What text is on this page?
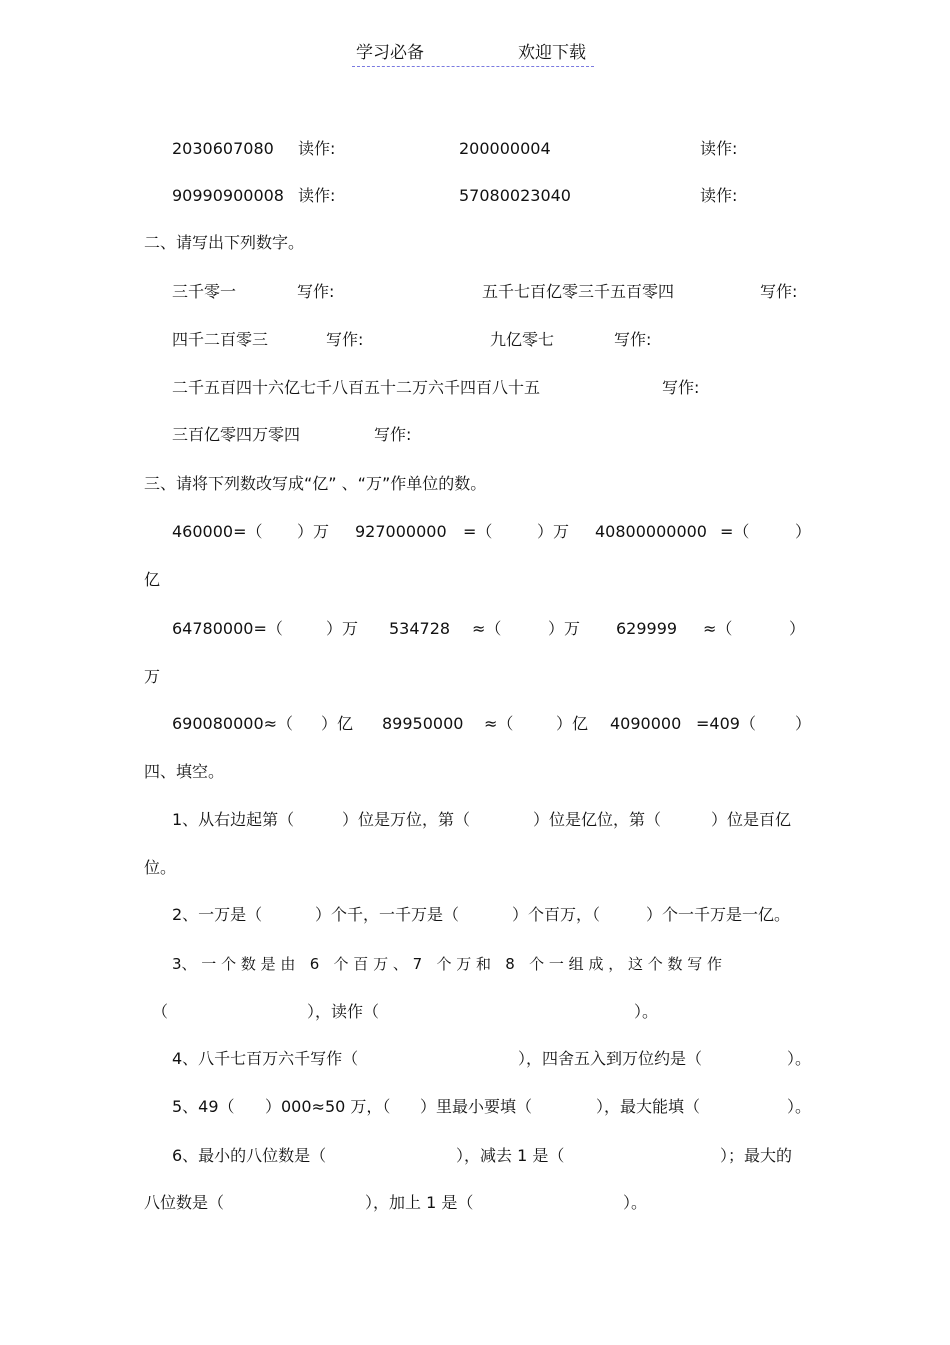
学习必备	欢迎下载
2030607080 读作:	200000004	读作:
90990900008 读作:	57080023040	读作:
二、请写出下列数字。
三千零一	写作:	五千七百亿零三千五百零四	写作:
四千二百零三	写作:	九亿零七	写作:
二千五百四十六亿七千八百五十二万六千四百八十五	写作:
三百亿零四万零四	写作:
三、请将下列数改写成“亿” 、“万”作单位的数。
460000=（ ）万 927000000 =（	）万 40800000000 =（	）
亿
64780000=（	）万 534728 ≈（	）万 629999 ≈（	）
万
690080000≈（ ）亿 89950000 ≈（	）亿 4090000 =409（ ）
四、填空。
1、从右边起第（	）位是万位，第（	）位是亿位，第（	）位是百亿
位。
2、一万是（	）个千，一千万是（	）个百万，（	）个一千万是一亿。
3、 一 个 数 是 由   6   个 百 万 、 7   个 万 和   8   个 一 组 成 ， 这 个 数 写 作
（	），读作（	）。
4、八千七百万六千写作（	），四舍五入到万位约是（	）。
5、49（ ）000≈50 万，（ ）里最小要填（	），最大能填（	）。
6、最小的八位数是（	），减去 1 是（	）；最大的
八位数是（	），加上 1 是（	）。
